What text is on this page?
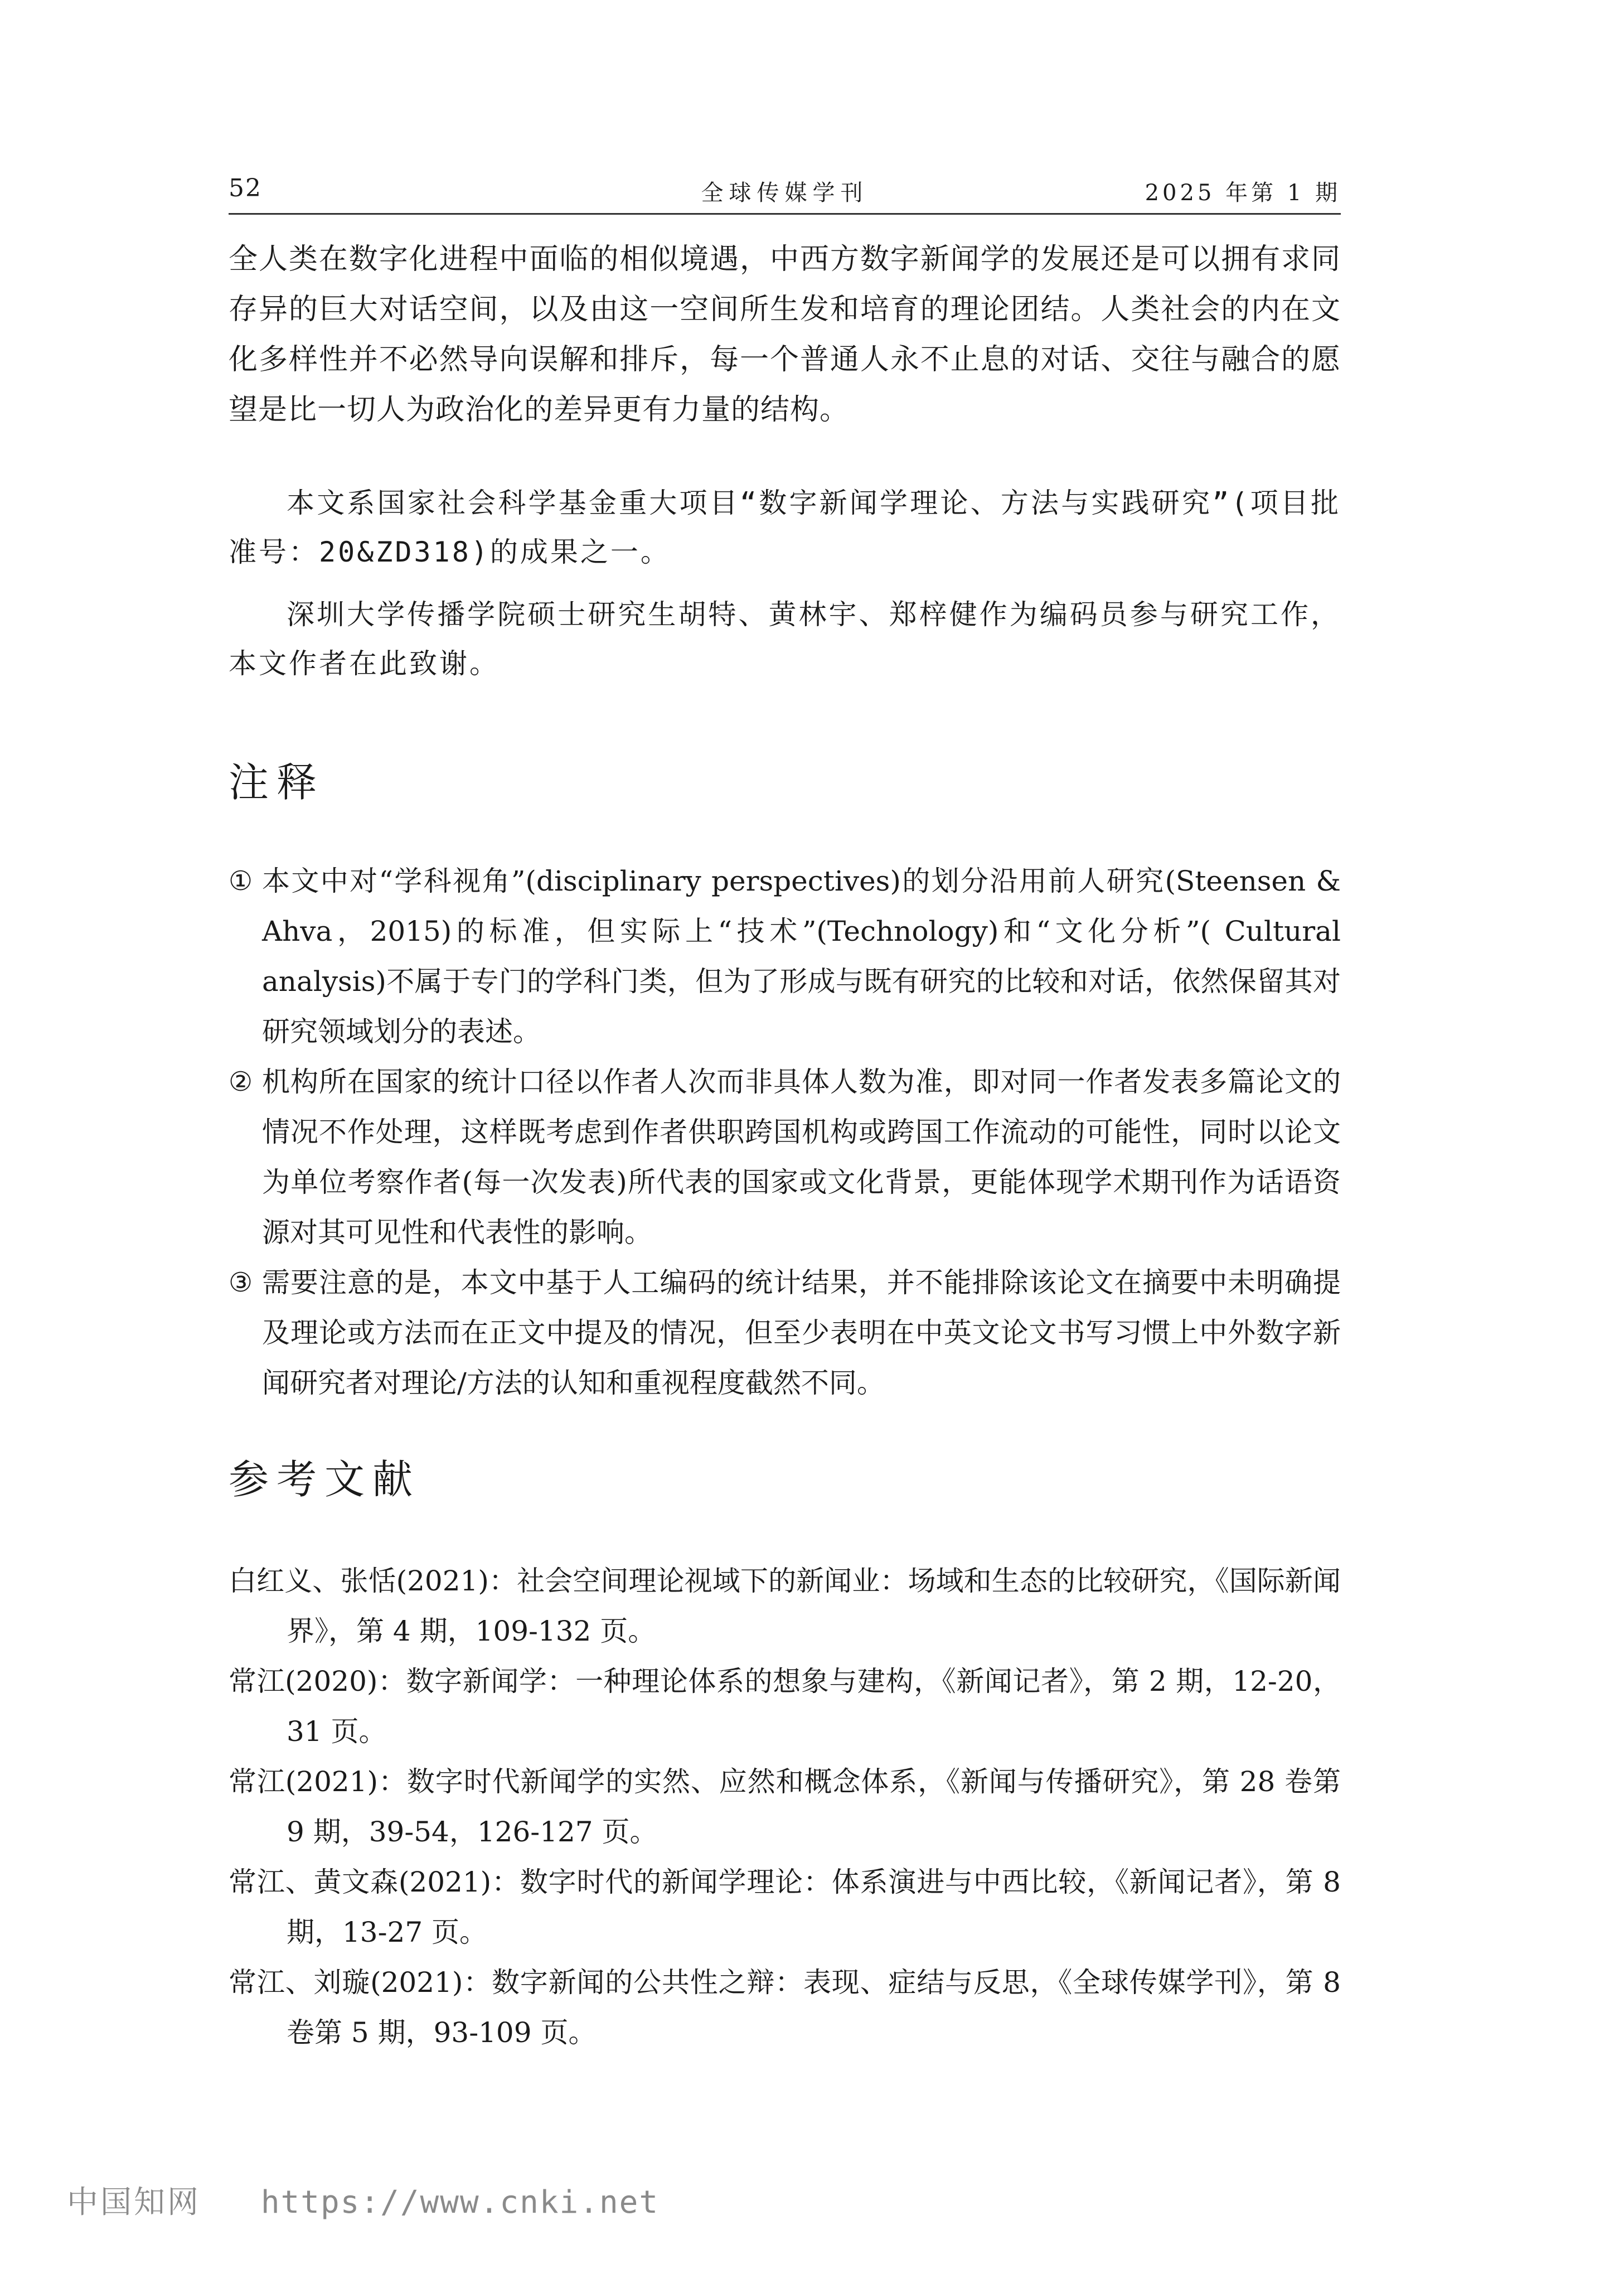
52	全球传媒学刊	2025 年第 1 期

全人类在数字化进程中面临的相似境遇，中西方数字新闻学的发展还是可以拥有求同存异的巨大对话空间，以及由这一空间所生发和培育的理论团结。人类社会的内在文化多样性并不必然导向误解和排斥，每一个普通人永不止息的对话、交往与融合的愿望是比一切人为政治化的差异更有力量的结构。

本文系国家社会科学基金重大项目“数字新闻学理论、方法与实践研究”(项目批准号：20&ZD318)的成果之一。

深圳大学传播学院硕士研究生胡特、黄林宇、郑梓健作为编码员参与研究工作，本文作者在此致谢。

注释
① 本文中对“学科视角”(disciplinary perspectives)的划分沿用前人研究(Steensen & Ahva，2015)的标准，但实际上“技术”(Technology)和“文化分析”( Cultural analysis)不属于专门的学科门类，但为了形成与既有研究的比较和对话，依然保留其对研究领域划分的表述。
② 机构所在国家的统计口径以作者人次而非具体人数为准，即对同一作者发表多篇论文的情况不作处理，这样既考虑到作者供职跨国机构或跨国工作流动的可能性，同时以论文为单位考察作者(每一次发表)所代表的国家或文化背景，更能体现学术期刊作为话语资源对其可见性和代表性的影响。
③ 需要注意的是，本文中基于人工编码的统计结果，并不能排除该论文在摘要中未明确提及理论或方法而在正文中提及的情况，但至少表明在中英文论文书写习惯上中外数字新闻研究者对理论/方法的认知和重视程度截然不同。
参考文献

白红义、张恬(2021)：社会空间理论视域下的新闻业：场域和生态的比较研究，《国际新闻界》，第 4 期，109-132 页。

常江(2020)：数字新闻学：一种理论体系的想象与建构，《新闻记者》，第 2 期，12-20，31 页。

常江(2021)：数字时代新闻学的实然、应然和概念体系，《新闻与传播研究》，第 28 卷第 9 期，39-54，126-127 页。

常江、黄文森(2021)：数字时代的新闻学理论：体系演进与中西比较，《新闻记者》，第 8 期，13-27 页。

常江、刘璇(2021)：数字新闻的公共性之辩：表现、症结与反思，《全球传媒学刊》，第 8 卷第 5 期，93-109 页。

中国知网 https://www.cnki.net
